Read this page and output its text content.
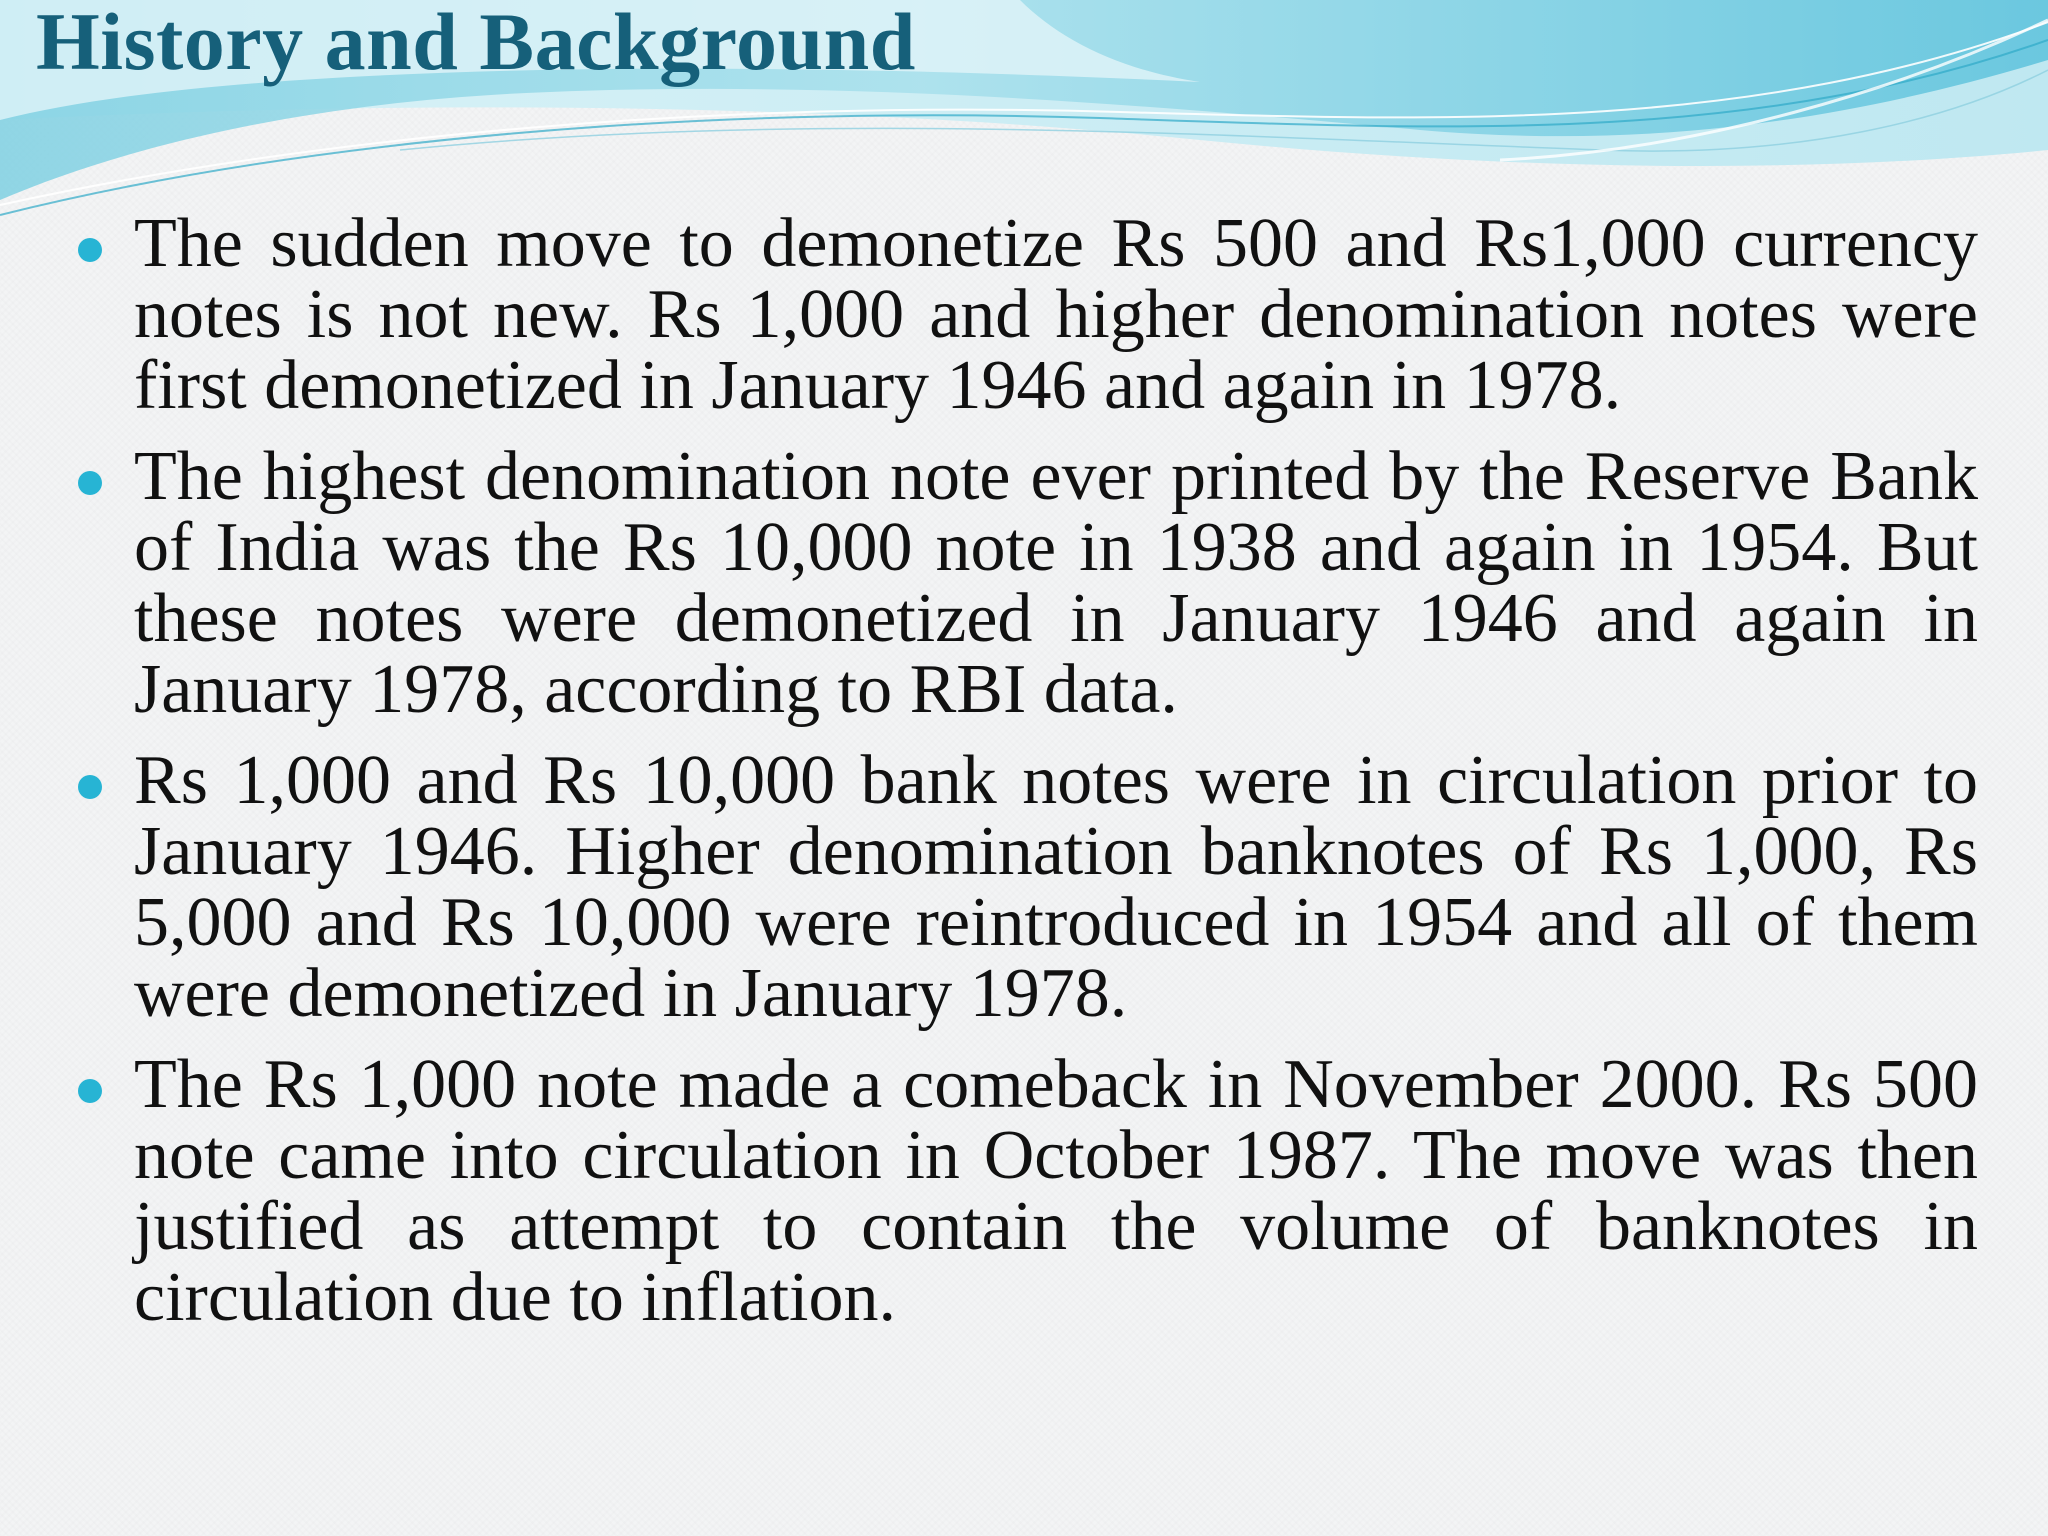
History and Background
The sudden move to demonetize Rs 500 and Rs1,000 currency notes is not new. Rs 1,000 and higher denomination notes were first demonetized in January 1946 and again in 1978.
The highest denomination note ever printed by the Reserve Bank of India was the Rs 10,000 note in 1938 and again in 1954. But these notes were demonetized in January 1946 and again in January 1978, according to RBI data.
Rs 1,000 and Rs 10,000 bank notes were in circulation prior to January 1946. Higher denomination banknotes of Rs 1,000, Rs 5,000 and Rs 10,000 were reintroduced in 1954 and all of them were demonetized in January 1978.
The Rs 1,000 note made a comeback in November 2000. Rs 500 note came into circulation in October 1987. The move was then justified as attempt to contain the volume of banknotes in circulation due to inflation.
